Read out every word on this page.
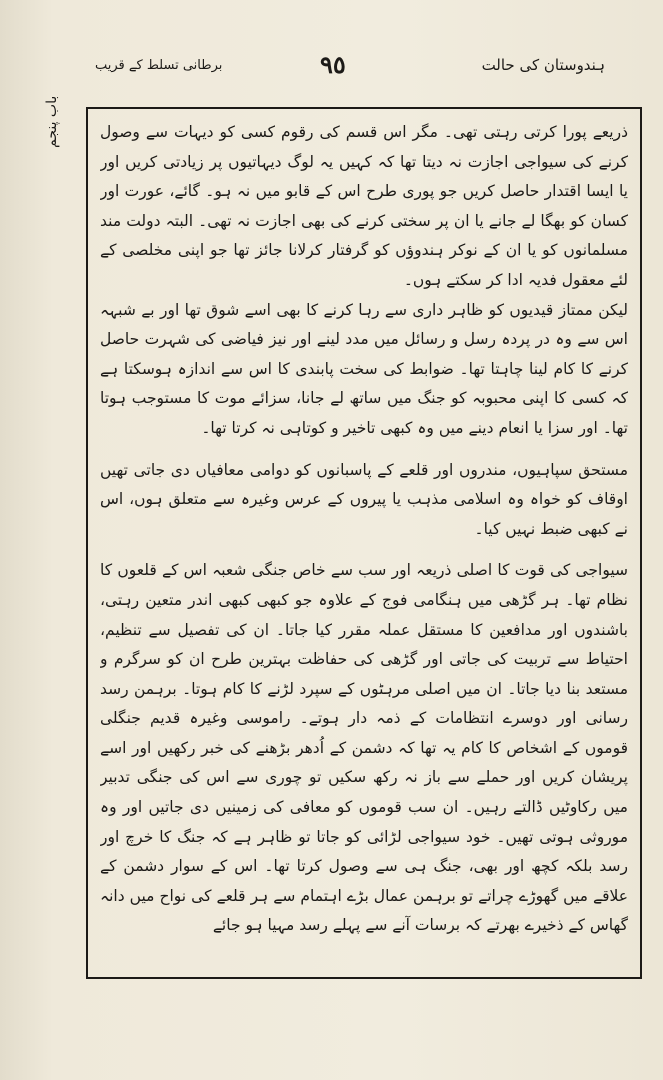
برطانی تسلط کے قریب	٩٥	ہندوستان کی حالت
باب پنجم	ذریعے پورا کرتی رہتی تھی۔ مگر اس قسم کی رقوم کسی کو دیہات سے وصول کرنے کی سیواجی اجازت نہ دیتا تھا کہ کہیں یہ لوگ دیہاتیوں پر زیادتی کریں اور یا ایسا اقتدار حاصل کریں جو پوری طرح اس کے قابو میں نہ ہو۔ گائے، عورت اور کسان کو بھگا لے جانے یا ان پر سختی کرنے کی بھی اجازت نہ تھی۔ البتہ دولت مند مسلمانوں کو یا ان کے نوکر ہندوؤں کو گرفتار کرلانا جائز تھا جو اپنی مخلصی کے لئے معقول فدیہ ادا کر سکتے ہوں۔

لیکن ممتاز قیدیوں کو ظاہر داری سے رہا کرنے کا بھی اسے شوق تھا اور بے شبہہ اس سے وہ در پردہ رسل و رسائل میں مدد لینے اور نیز فیاضی کی شہرت حاصل کرنے کا کام لینا چاہتا تھا۔ ضوابط کی سخت پابندی کا اس سے اندازہ ہوسکتا ہے کہ کسی کا اپنی محبوبہ کو جنگ میں ساتھ لے جانا، سزائے موت کا مستوجب ہوتا تھا۔ اور سزا یا انعام دینے میں وہ کبھی تاخیر و کوتاہی نہ کرتا تھا۔

مستحق سپاہیوں، مندروں اور قلعے کے پاسبانوں کو دوامی معافیاں دی جاتی تھیں اوقاف کو خواہ وہ اسلامی مذہب یا پیروں کے عرس وغیرہ سے متعلق ہوں، اس نے کبھی ضبط نہیں کیا۔

سیواجی کی قوت کا اصلی ذریعہ اور سب سے خاص جنگی شعبہ اس کے قلعوں کا نظام تھا۔ ہر گڑھی میں ہنگامی فوج کے علاوہ جو کبھی کبھی اندر متعین رہتی، باشندوں اور مدافعین کا مستقل عملہ مقرر کیا جاتا۔ ان کی تفصیل سے تنظیم، احتیاط سے تربیت کی جاتی اور گڑھی کی حفاظت بہترین طرح ان کو سرگرم و مستعد بنا دیا جاتا۔ ان میں اصلی مرہٹوں کے سپرد لڑنے کا کام ہوتا۔ برہمن رسد رسانی اور دوسرے انتظامات کے ذمہ دار ہوتے۔ راموسی وغیرہ قدیم جنگلی قوموں کے اشخاص کا کام یہ تھا کہ دشمن کے اُدھر بڑھنے کی خبر رکھیں اور اسے پریشان کریں اور حملے سے باز نہ رکھ سکیں تو چوری سے اس کی جنگی تدبیر میں رکاوٹیں ڈالتے رہیں۔ ان سب قوموں کو معافی کی زمینیں دی جاتیں اور وہ موروثی ہوتی تھیں۔ خود سیواجی لڑائی کو جاتا تو ظاہر ہے کہ جنگ کا خرچ اور رسد بلکہ کچھ اور بھی، جنگ ہی سے وصول کرتا تھا۔ اس کے سوار دشمن کے علاقے میں گھوڑے چراتے تو برہمن عمال بڑے اہتمام سے ہر قلعے کی نواح میں دانہ گھاس کے ذخیرے بھرتے کہ برسات آنے سے پہلے رسد مہیا ہو جائے
